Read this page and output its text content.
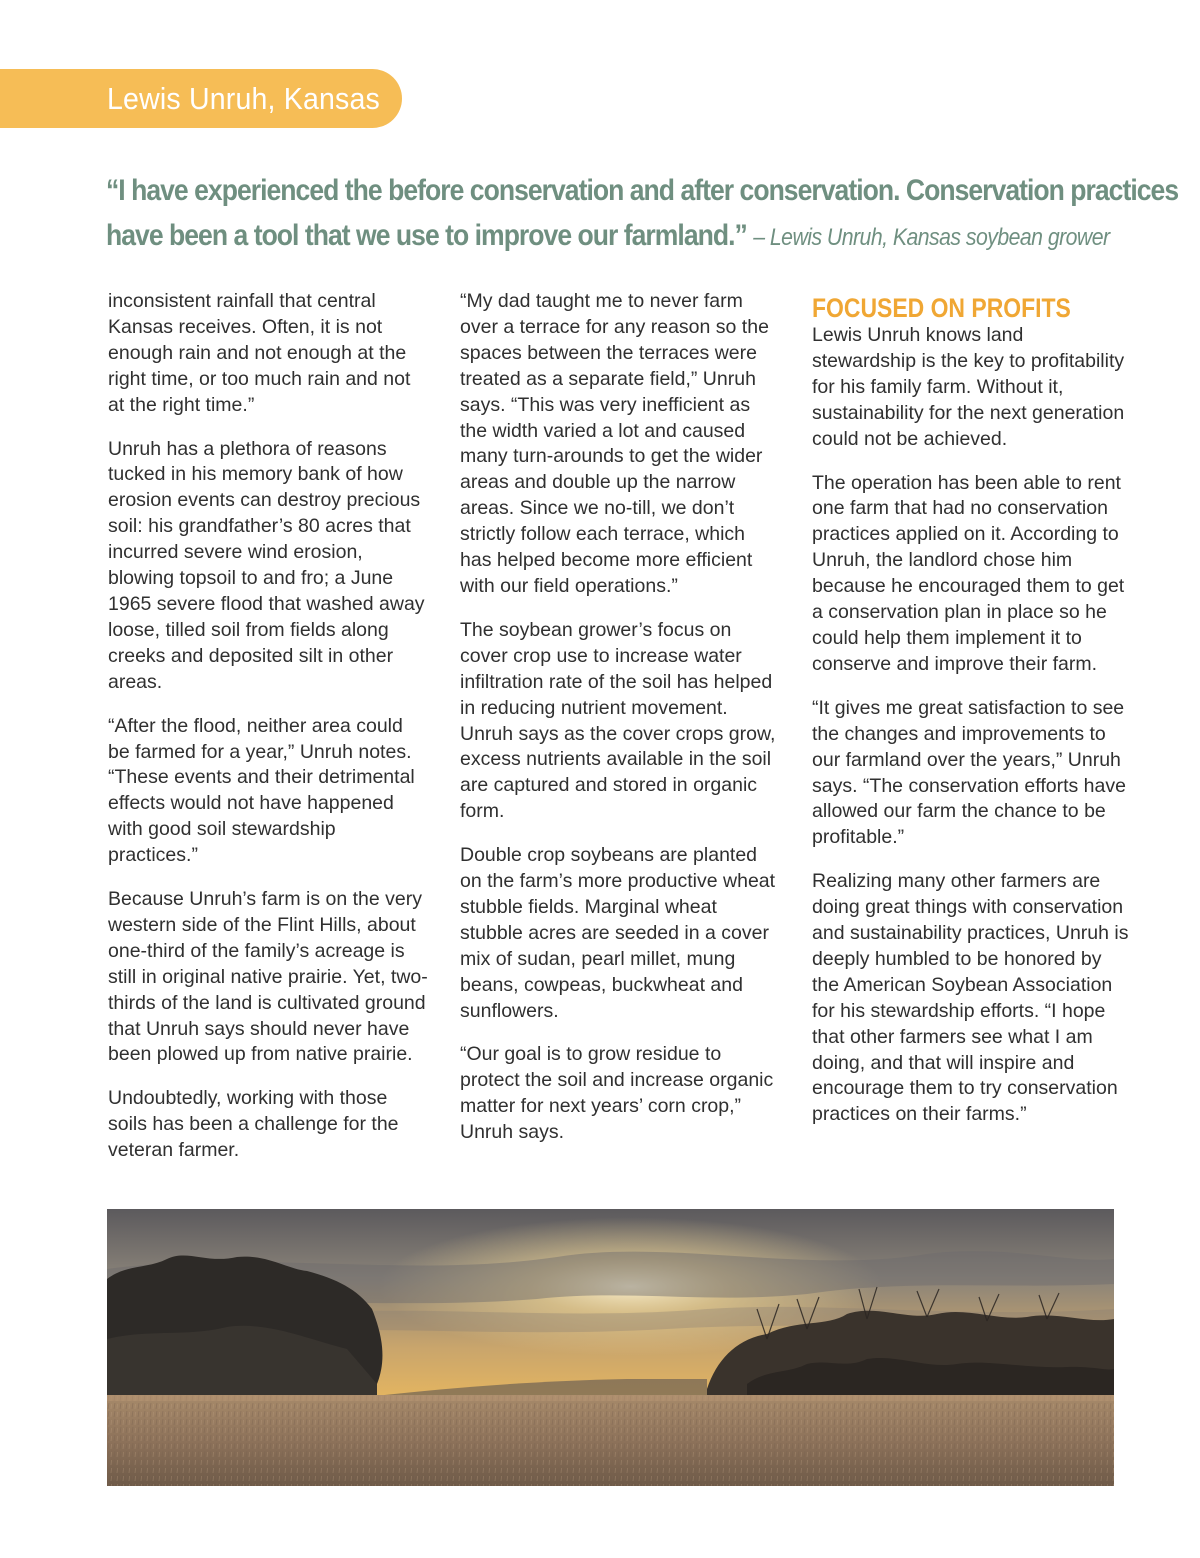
Lewis Unruh, Kansas
“I have experienced the before conservation and after conservation. Conservation practices
have been a tool that we use to improve our farmland.” – Lewis Unruh, Kansas soybean grower

inconsistent rainfall that central Kansas receives. Often, it is not enough rain and not enough at the right time, or too much rain and not at the right time.”

Unruh has a plethora of reasons tucked in his memory bank of how erosion events can destroy precious soil: his grandfather’s 80 acres that incurred severe wind erosion, blowing topsoil to and fro; a June 1965 severe flood that washed away loose, tilled soil from fields along creeks and deposited silt in other areas.

“After the flood, neither area could be farmed for a year,” Unruh notes. “These events and their detrimental effects would not have happened with good soil stewardship practices.”

Because Unruh’s farm is on the very western side of the Flint Hills, about one-third of the family’s acreage is still in original native prairie. Yet, two-thirds of the land is cultivated ground that Unruh says should never have been plowed up from native prairie.

Undoubtedly, working with those soils has been a challenge for the veteran farmer.

“My dad taught me to never farm over a terrace for any reason so the spaces between the terraces were treated as a separate field,” Unruh says. “This was very inefficient as the width varied a lot and caused many turn-arounds to get the wider areas and double up the narrow areas. Since we no-till, we don’t strictly follow each terrace, which has helped become more efficient with our field operations.”

The soybean grower’s focus on cover crop use to increase water infiltration rate of the soil has helped in reducing nutrient movement. Unruh says as the cover crops grow, excess nutrients available in the soil are captured and stored in organic form.

Double crop soybeans are planted on the farm’s more productive wheat stubble fields. Marginal wheat stubble acres are seeded in a cover mix of sudan, pearl millet, mung beans, cowpeas, buckwheat and sunflowers.

“Our goal is to grow residue to protect the soil and increase organic matter for next years’ corn crop,” Unruh says.

FOCUSED ON PROFITS

Lewis Unruh knows land stewardship is the key to profitability for his family farm. Without it, sustainability for the next generation could not be achieved.

The operation has been able to rent one farm that had no conservation practices applied on it. According to Unruh, the landlord chose him because he encouraged them to get a conservation plan in place so he could help them implement it to conserve and improve their farm.

“It gives me great satisfaction to see the changes and improvements to our farmland over the years,” Unruh says. “The conservation efforts have allowed our farm the chance to be profitable.”

Realizing many other farmers are doing great things with conservation and sustainability practices, Unruh is deeply humbled to be honored by the American Soybean Association for his stewardship efforts. “I hope that other farmers see what I am doing, and that will inspire and encourage them to try conservation practices on their farms.”
